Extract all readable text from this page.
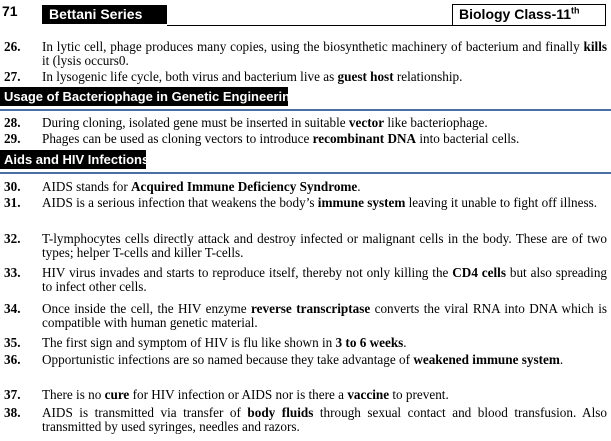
71	Bettani Series	Biology Class-11th
26. In lytic cell, phage produces many copies, using the biosynthetic machinery of bacterium and finally kills it (lysis occurs0.
27. In lysogenic life cycle, both virus and bacterium live as guest host relationship.
Usage of Bacteriophage in Genetic Engineering:
28. During cloning, isolated gene must be inserted in suitable vector like bacteriophage.
29. Phages can be used as cloning vectors to introduce recombinant DNA into bacterial cells.
Aids and HIV Infections:
30. AIDS stands for Acquired Immune Deficiency Syndrome.
31. AIDS is a serious infection that weakens the body’s immune system leaving it unable to fight off illness.
32. T-lymphocytes cells directly attack and destroy infected or malignant cells in the body. These are of two types; helper T-cells and killer T-cells.
33. HIV virus invades and starts to reproduce itself, thereby not only killing the CD4 cells but also spreading to infect other cells.
34. Once inside the cell, the HIV enzyme reverse transcriptase converts the viral RNA into DNA which is compatible with human genetic material.
35. The first sign and symptom of HIV is flu like shown in 3 to 6 weeks.
36. Opportunistic infections are so named because they take advantage of weakened immune system.
37. There is no cure for HIV infection or AIDS nor is there a vaccine to prevent.
38. AIDS is transmitted via transfer of body fluids through sexual contact and blood transfusion. Also transmitted by used syringes, needles and razors.
